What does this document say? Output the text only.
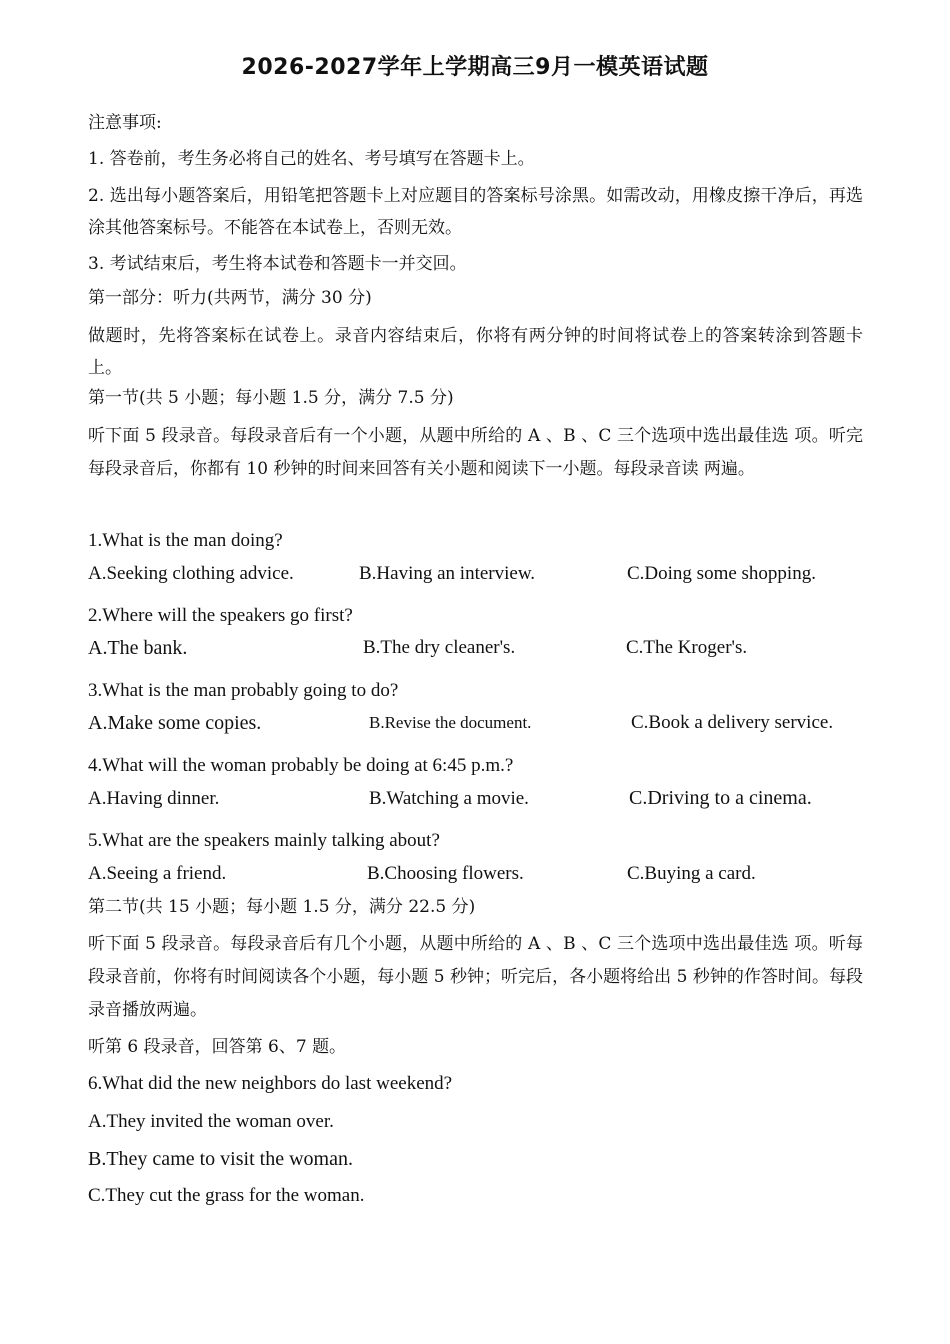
2026-2027学年上学期高三9月一模英语试题
注意事项:
1. 答卷前，考生务必将自己的姓名、考号填写在答题卡上。
2. 选出每小题答案后，用铅笔把答题卡上对应题目的答案标号涂黑。如需改动，用橡皮擦干净后，再选涂其他答案标号。不能答在本试卷上，否则无效。
3. 考试结束后，考生将本试卷和答题卡一并交回。
第一部分：听力(共两节，满分 30 分)
做题时，先将答案标在试卷上。录音内容结束后，你将有两分钟的时间将试卷上的答案转涂到答题卡上。
第一节(共 5 小题；每小题 1.5 分，满分 7.5 分)
听下面 5 段录音。每段录音后有一个小题，从题中所给的 A 、B 、C 三个选项中选出最佳选 项。听完每段录音后，你都有 10 秒钟的时间来回答有关小题和阅读下一小题。每段录音读 两遍。
1.What is the man doing?
A.Seeking clothing advice.	B.Having an interview.	C.Doing some shopping.
2.Where will the speakers go first?
A.The bank.	B.The dry cleaner's.	C.The Kroger's.
3.What is the man probably going to do?
A.Make some copies.	B.Revise the document.	C.Book a delivery service.
4.What will the woman probably be doing at 6:45 p.m.?
A.Having dinner.	B.Watching a movie.	C.Driving to a cinema.
5.What are the speakers mainly talking about?
A.Seeing a friend.	B.Choosing flowers.	C.Buying a card.
第二节(共 15 小题；每小题 1.5 分，满分 22.5 分)
听下面 5 段录音。每段录音后有几个小题，从题中所给的 A 、B 、C 三个选项中选出最佳选 项。听每段录音前，你将有时间阅读各个小题，每小题 5 秒钟；听完后，各小题将给出 5 秒钟的作答时间。每段录音播放两遍。
听第 6 段录音，回答第 6、7 题。
6.What did the new neighbors do last weekend?
A.They invited the woman over.
B.They came to visit the woman.
C.They cut the grass for the woman.
